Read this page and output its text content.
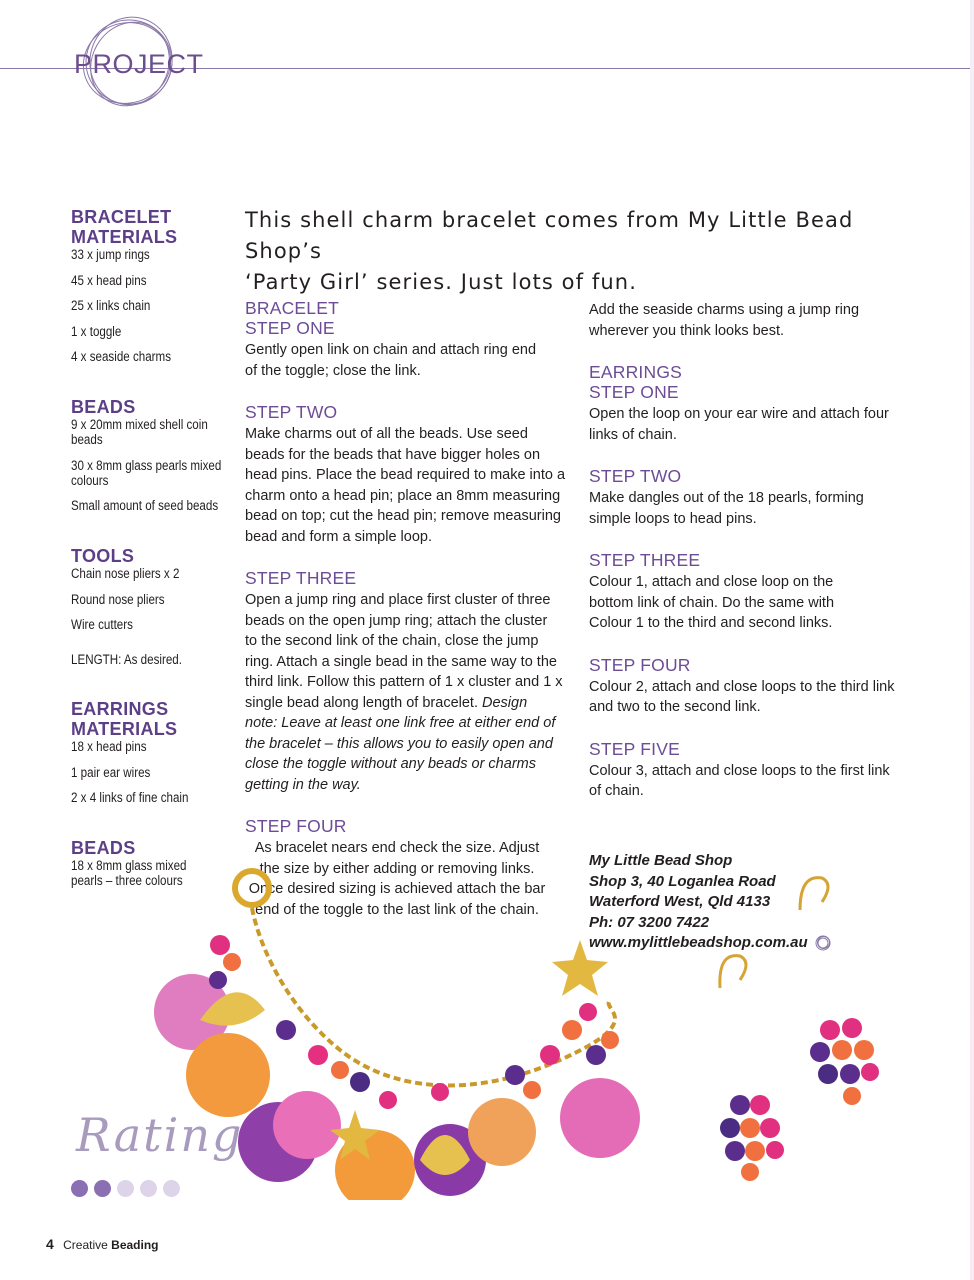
PROJECT

BRACELET

MATERIALS

33 x jump rings

45 x head pins

25 x links chain

1 x toggle

4 x seaside charms

BEADS

9 x 20mm mixed shell coin beads

30 x 8mm glass pearls mixed colours

Small amount of seed beads

TOOLS

Chain nose pliers x 2

Round nose pliers

Wire cutters

LENGTH: As desired.

EARRINGS

MATERIALS

18 x head pins

1 pair ear wires

2 x 4 links of fine chain

BEADS

18 x 8mm glass mixed pearls – three colours

This shell charm bracelet comes from My Little Bead Shop’s
‘Party Girl’ series. Just lots of fun.

BRACELET

STEP ONE

Gently open link on chain and attach ring end of the toggle; close the link.

STEP TWO

Make charms out of all the beads. Use seed beads for the beads that have bigger holes on head pins. Place the bead required to make into a charm onto a head pin; place an 8mm measuring bead on top; cut the head pin; remove measuring bead and form a simple loop.

STEP THREE

Open a jump ring and place first cluster of three beads on the open jump ring; attach the cluster to the second link of the chain, close the jump ring. Attach a single bead in the same way to the third link. Follow this pattern of 1 x cluster and 1 x single bead along length of bracelet. Design note: Leave at least one link free at either end of the bracelet – this allows you to easily open and close the toggle without any beads or charms getting in the way.

STEP FOUR

As bracelet nears end check the size. Adjust the size by either adding or removing links. Once desired sizing is achieved attach the bar end of the toggle to the last link of the chain.

Add the seaside charms using a jump ring wherever you think looks best.

EARRINGS

STEP ONE

Open the loop on your ear wire and attach four links of chain.

STEP TWO

Make dangles out of the 18 pearls, forming simple loops to head pins.

STEP THREE

Colour 1, attach and close loop on the bottom link of chain. Do the same with Colour 1 to the third and second links.

STEP FOUR

Colour 2, attach and close loops to the third link and two to the second link.

STEP FIVE

Colour 3, attach and close loops to the first link of chain.

My Little Bead Shop
Shop 3, 40 Loganlea Road
Waterford West, Qld 4133
Ph: 07 3200 7422
www.mylittlebeadshop.com.au
Rating
4 Creative Beading
